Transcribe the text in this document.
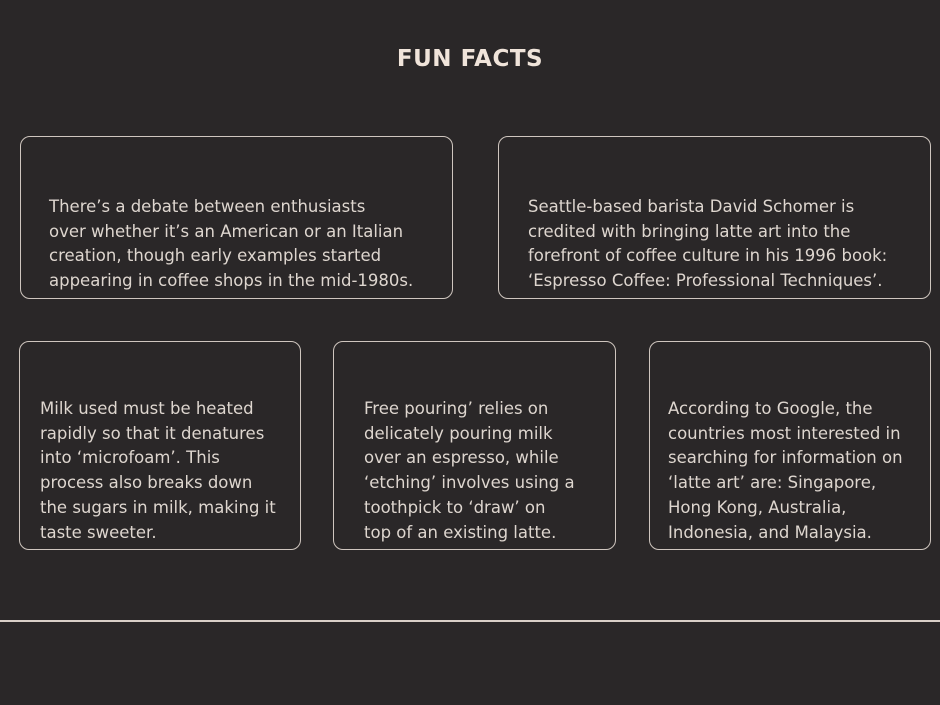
FUN FACTS

There’s a debate between enthusiasts
over whether it’s an American or an Italian
creation, though early examples started
appearing in coffee shops in the mid-1980s.

Seattle-based barista David Schomer is
credited with bringing latte art into the
forefront of coffee culture in his 1996 book:
‘Espresso Coffee: Professional Techniques’.

Milk used must be heated
rapidly so that it denatures
into ‘microfoam’. This
process also breaks down
the sugars in milk, making it
taste sweeter.

Free pouring’ relies on
delicately pouring milk
over an espresso, while
‘etching’ involves using a
toothpick to ‘draw’ on
top of an existing latte.

According to Google, the
countries most interested in
searching for information on
‘latte art’ are: Singapore,
Hong Kong, Australia,
Indonesia, and Malaysia.
